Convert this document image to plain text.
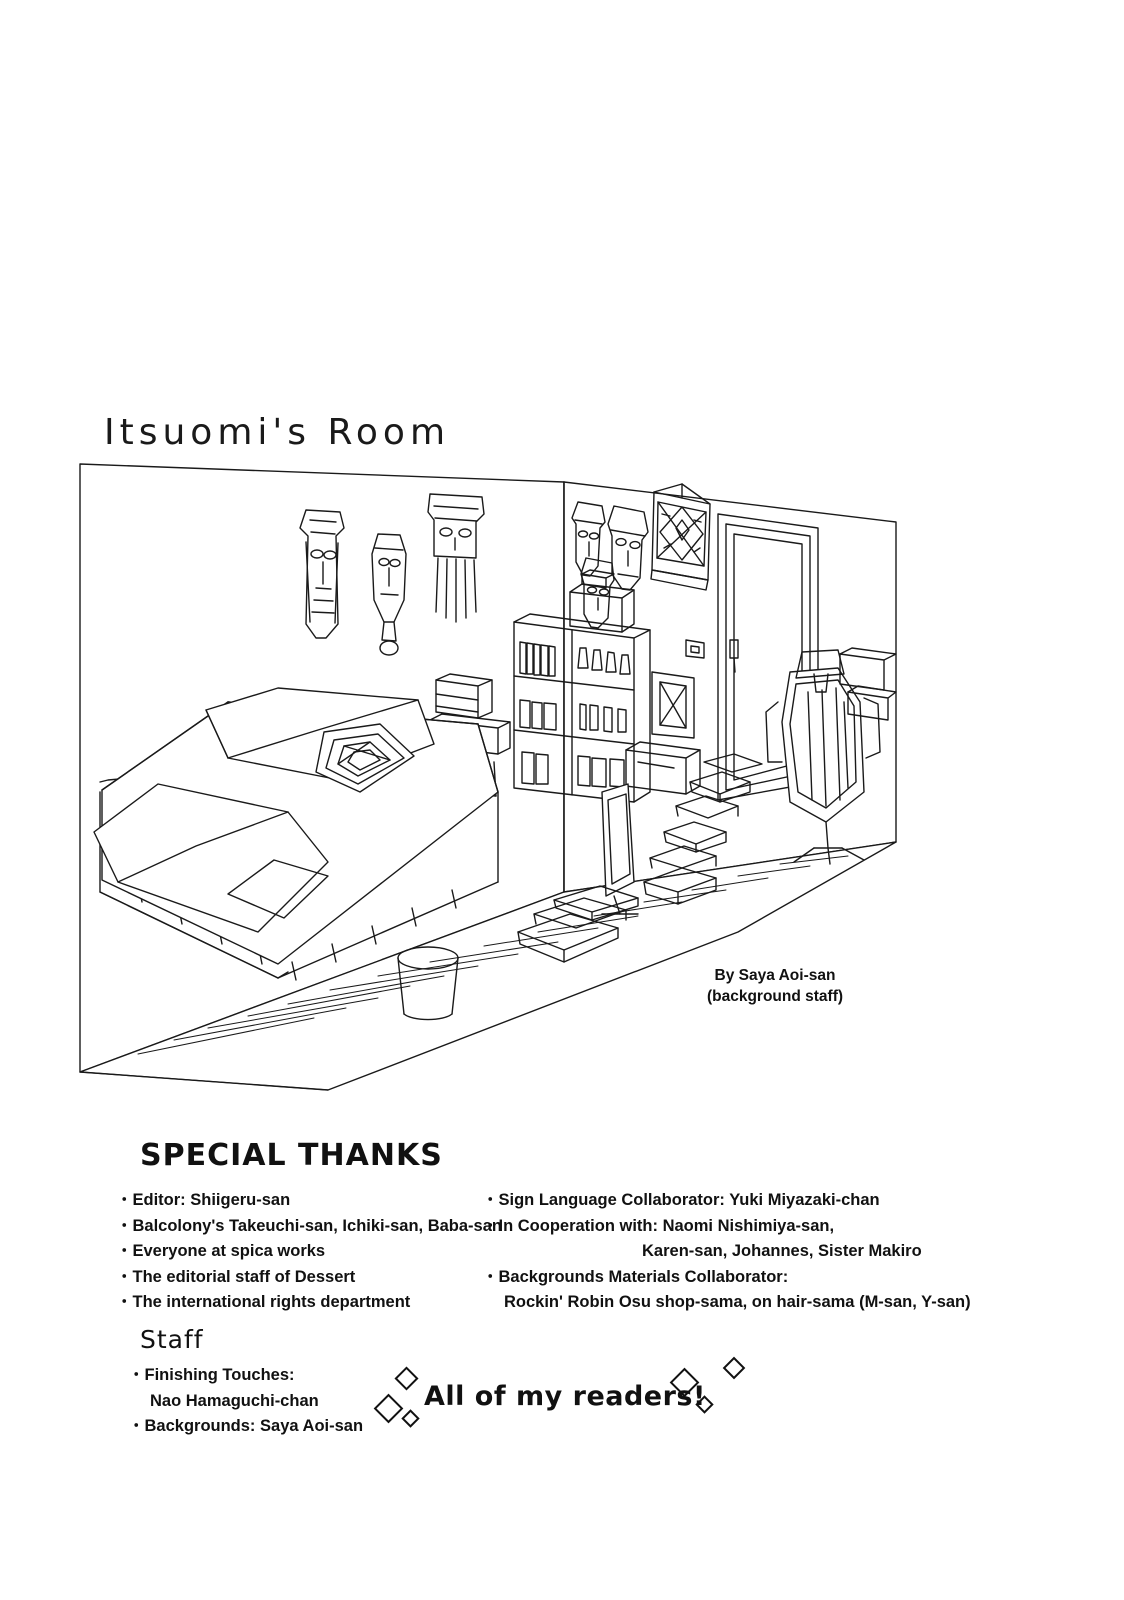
Itsuomi's Room
By Saya Aoi-san
(background staff)
SPECIAL THANKS
・Editor: Shiigeru-san
・Balcolony's Takeuchi-san, Ichiki-san, Baba-san
・Everyone at spica works
・The editorial staff of Dessert
・The international rights department
・Sign Language Collaborator: Yuki Miyazaki-chan
・In Cooperation with: Naomi Nishimiya-san,
Karen-san, Johannes, Sister Makiro
・Backgrounds Materials Collaborator:
Rockin' Robin Osu shop-sama, on hair-sama (M-san, Y-san)
Staff
・Finishing Touches:
Nao Hamaguchi-chan
・Backgrounds: Saya Aoi-san
All of my readers!
